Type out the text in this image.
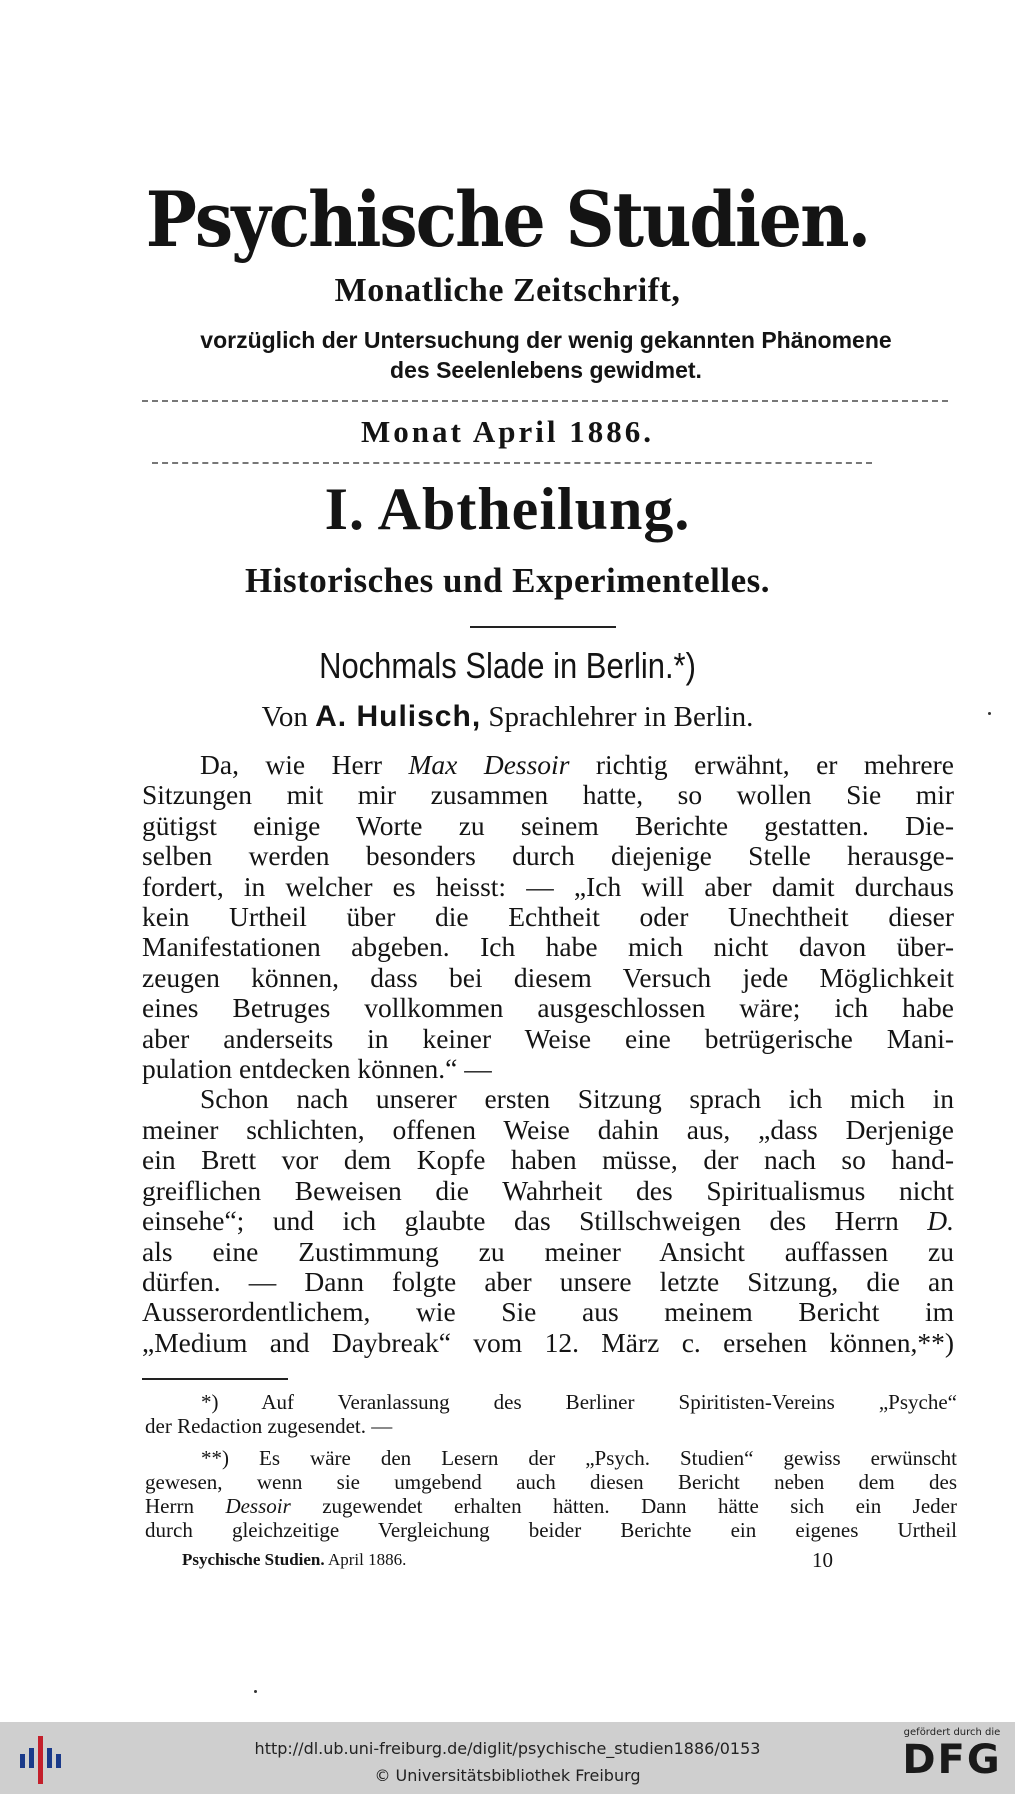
Psychische Studien.
Monatliche Zeitschrift,
vorzüglich der Untersuchung der wenig gekannten Phänomene
des Seelenlebens gewidmet.
Monat April 1886.
I. Abtheilung.
Historisches und Experimentelles.
Nochmals Slade in Berlin.*)
Von A. Hulisch, Sprachlehrer in Berlin.

Da, wie Herr Max Dessoir richtig erwähnt, er mehrere
Sitzungen mit mir zusammen hatte, so wollen Sie mir
gütigst einige Worte zu seinem Berichte gestatten. Die-
selben werden besonders durch diejenige Stelle herausge-
fordert, in welcher es heisst: — „Ich will aber damit durchaus
kein Urtheil über die Echtheit oder Unechtheit dieser
Manifestationen abgeben. Ich habe mich nicht davon über-
zeugen können, dass bei diesem Versuch jede Möglichkeit
eines Betruges vollkommen ausgeschlossen wäre; ich habe
aber anderseits in keiner Weise eine betrügerische Mani-
pulation entdecken können.“ —

Schon nach unserer ersten Sitzung sprach ich mich in
meiner schlichten, offenen Weise dahin aus, „dass Derjenige
ein Brett vor dem Kopfe haben müsse, der nach so hand-
greiflichen Beweisen die Wahrheit des Spiritualismus nicht
einsehe“; und ich glaubte das Stillschweigen des Herrn D.
als eine Zustimmung zu meiner Ansicht auffassen zu
dürfen. — Dann folgte aber unsere letzte Sitzung, die an
Ausserordentlichem, wie Sie aus meinem Bericht im
„Medium and Daybreak“ vom 12. März c. ersehen können,**)

*) Auf Veranlassung des Berliner Spiritisten-Vereins „Psyche“
der Redaction zugesendet. —
**) Es wäre den Lesern der „Psych. Studien“ gewiss erwünscht
gewesen, wenn sie umgebend auch diesen Bericht neben dem des
Herrn Dessoir zugewendet erhalten hätten. Dann hätte sich ein Jeder
durch gleichzeitige Vergleichung beider Berichte ein eigenes Urtheil
Psychische Studien. April 1886.	10
gefördert durch die
DFG
http://dl.ub.uni-freiburg.de/diglit/psychische_studien1886/0153
© Universitätsbibliothek Freiburg
